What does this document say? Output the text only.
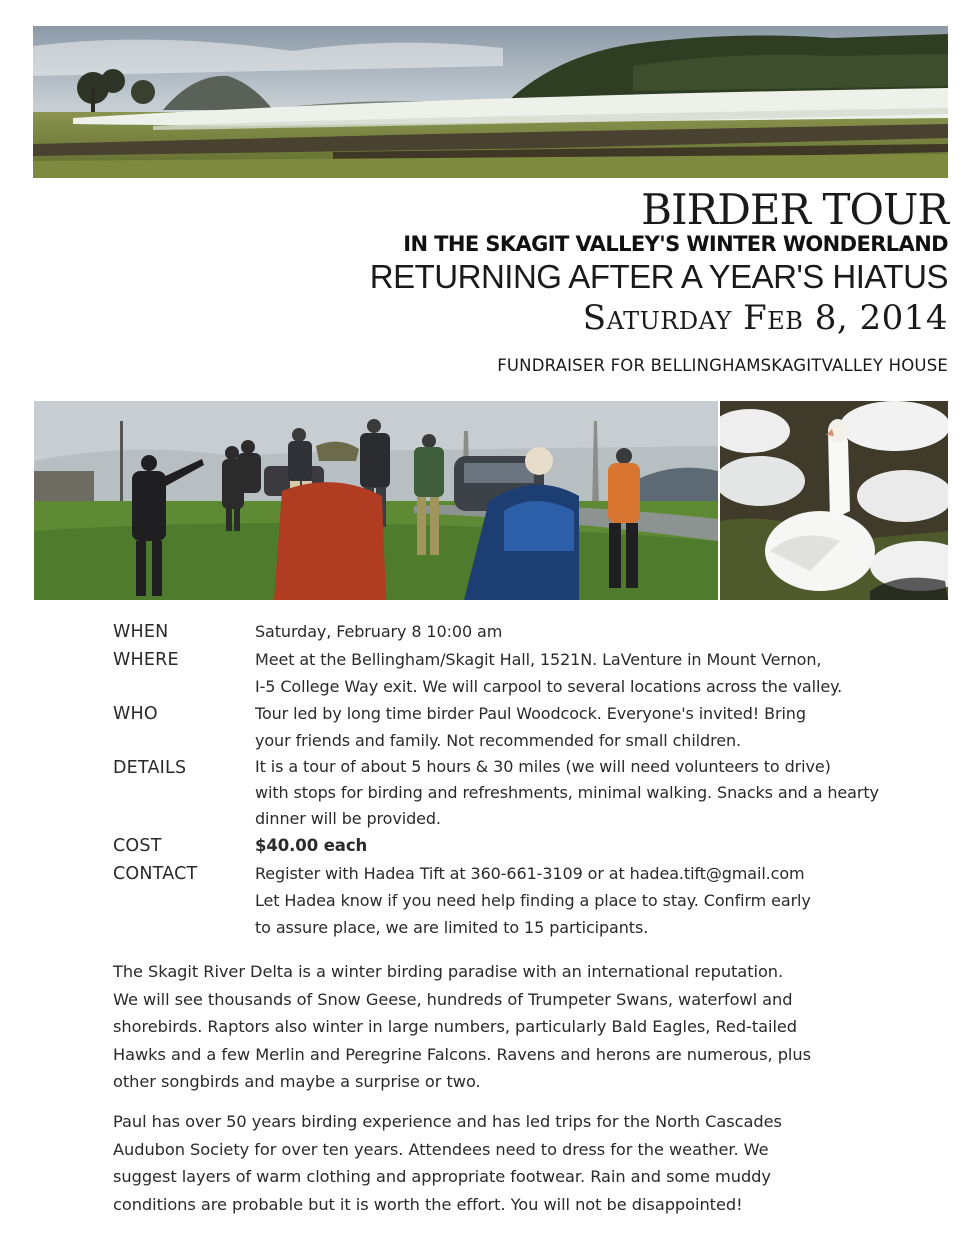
BIRDER TOUR
IN THE SKAGIT VALLEY'S WINTER WONDERLAND
RETURNING AFTER A YEAR'S HIATUS
Saturday Feb 8, 2014
FUNDRAISER FOR BELLINGHAMSKAGITVALLEY HOUSE
WHEN	Saturday, February 8 10:00 am
WHERE	Meet at the Bellingham/Skagit Hall, 1521N. LaVenture in Mount Vernon,
I-5 College Way exit. We will carpool to several locations across the valley.
WHO	Tour led by long time birder Paul Woodcock. Everyone's invited! Bring
your friends and family. Not recommended for small children.
DETAILS	It is a tour of about 5 hours & 30 miles (we will need volunteers to drive)
with stops for birding and refreshments, minimal walking. Snacks and a hearty
dinner will be provided.
COST	$40.00 each
CONTACT	Register with Hadea Tift at 360-661-3109 or at hadea.tift@gmail.com
Let Hadea know if you need help finding a place to stay. Confirm early
to assure place, we are limited to 15 participants.
The Skagit River Delta is a winter birding paradise with an international reputation.
We will see thousands of Snow Geese, hundreds of Trumpeter Swans, waterfowl and
shorebirds. Raptors also winter in large numbers, particularly Bald Eagles, Red-tailed
Hawks and a few Merlin and Peregrine Falcons. Ravens and herons are numerous, plus
other songbirds and maybe a surprise or two.
Paul has over 50 years birding experience and has led trips for the North Cascades
Audubon Society for over ten years. Attendees need to dress for the weather. We
suggest layers of warm clothing and appropriate footwear. Rain and some muddy
conditions are probable but it is worth the effort. You will not be disappointed!
